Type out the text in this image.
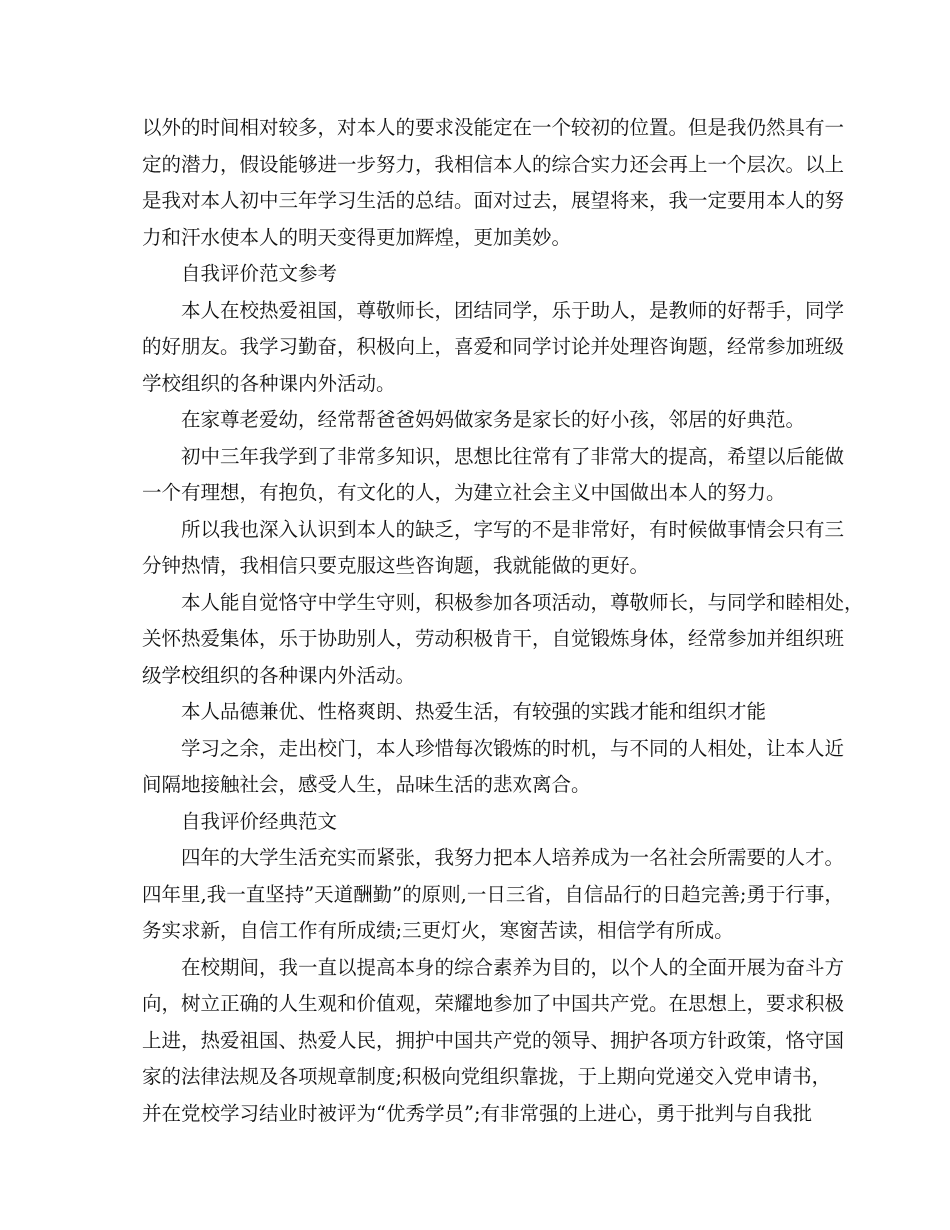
以外的时间相对较多，对本人的要求没能定在一个较初的位置。但是我仍然具有一
定的潜力，假设能够进一步努力，我相信本人的综合实力还会再上一个层次。以上
是我对本人初中三年学习生活的总结。面对过去，展望将来，我一定要用本人的努
力和汗水使本人的明天变得更加辉煌，更加美妙。
自我评价范文参考
本人在校热爱祖国，尊敬师长，团结同学，乐于助人，是教师的好帮手，同学
的好朋友。我学习勤奋，积极向上，喜爱和同学讨论并处理咨询题，经常参加班级
学校组织的各种课内外活动。
在家尊老爱幼，经常帮爸爸妈妈做家务是家长的好小孩，邻居的好典范。
初中三年我学到了非常多知识，思想比往常有了非常大的提高，希望以后能做
一个有理想，有抱负，有文化的人，为建立社会主义中国做出本人的努力。
所以我也深入认识到本人的缺乏，字写的不是非常好，有时候做事情会只有三
分钟热情，我相信只要克服这些咨询题，我就能做的更好。
本人能自觉恪守中学生守则，积极参加各项活动，尊敬师长，与同学和睦相处，
关怀热爱集体，乐于协助别人，劳动积极肯干，自觉锻炼身体，经常参加并组织班
级学校组织的各种课内外活动。
本人品德兼优、性格爽朗、热爱生活，有较强的实践才能和组织才能
学习之余，走出校门，本人珍惜每次锻炼的时机，与不同的人相处，让本人近
间隔地接触社会，感受人生，品味生活的悲欢离合。
自我评价经典范文
四年的大学生活充实而紧张，我努力把本人培养成为一名社会所需要的人才。
四年里,我一直坚持”天道酬勤”的原则,一日三省，自信品行的日趋完善;勇于行事，
务实求新，自信工作有所成绩;三更灯火，寒窗苦读，相信学有所成。
在校期间，我一直以提高本身的综合素养为目的，以个人的全面开展为奋斗方
向，树立正确的人生观和价值观，荣耀地参加了中国共产党。在思想上，要求积极
上进，热爱祖国、热爱人民，拥护中国共产党的领导、拥护各项方针政策，恪守国
家的法律法规及各项规章制度;积极向党组织靠拢，于上期向党递交入党申请书，
并在党校学习结业时被评为“优秀学员”;有非常强的上进心，勇于批判与自我批
